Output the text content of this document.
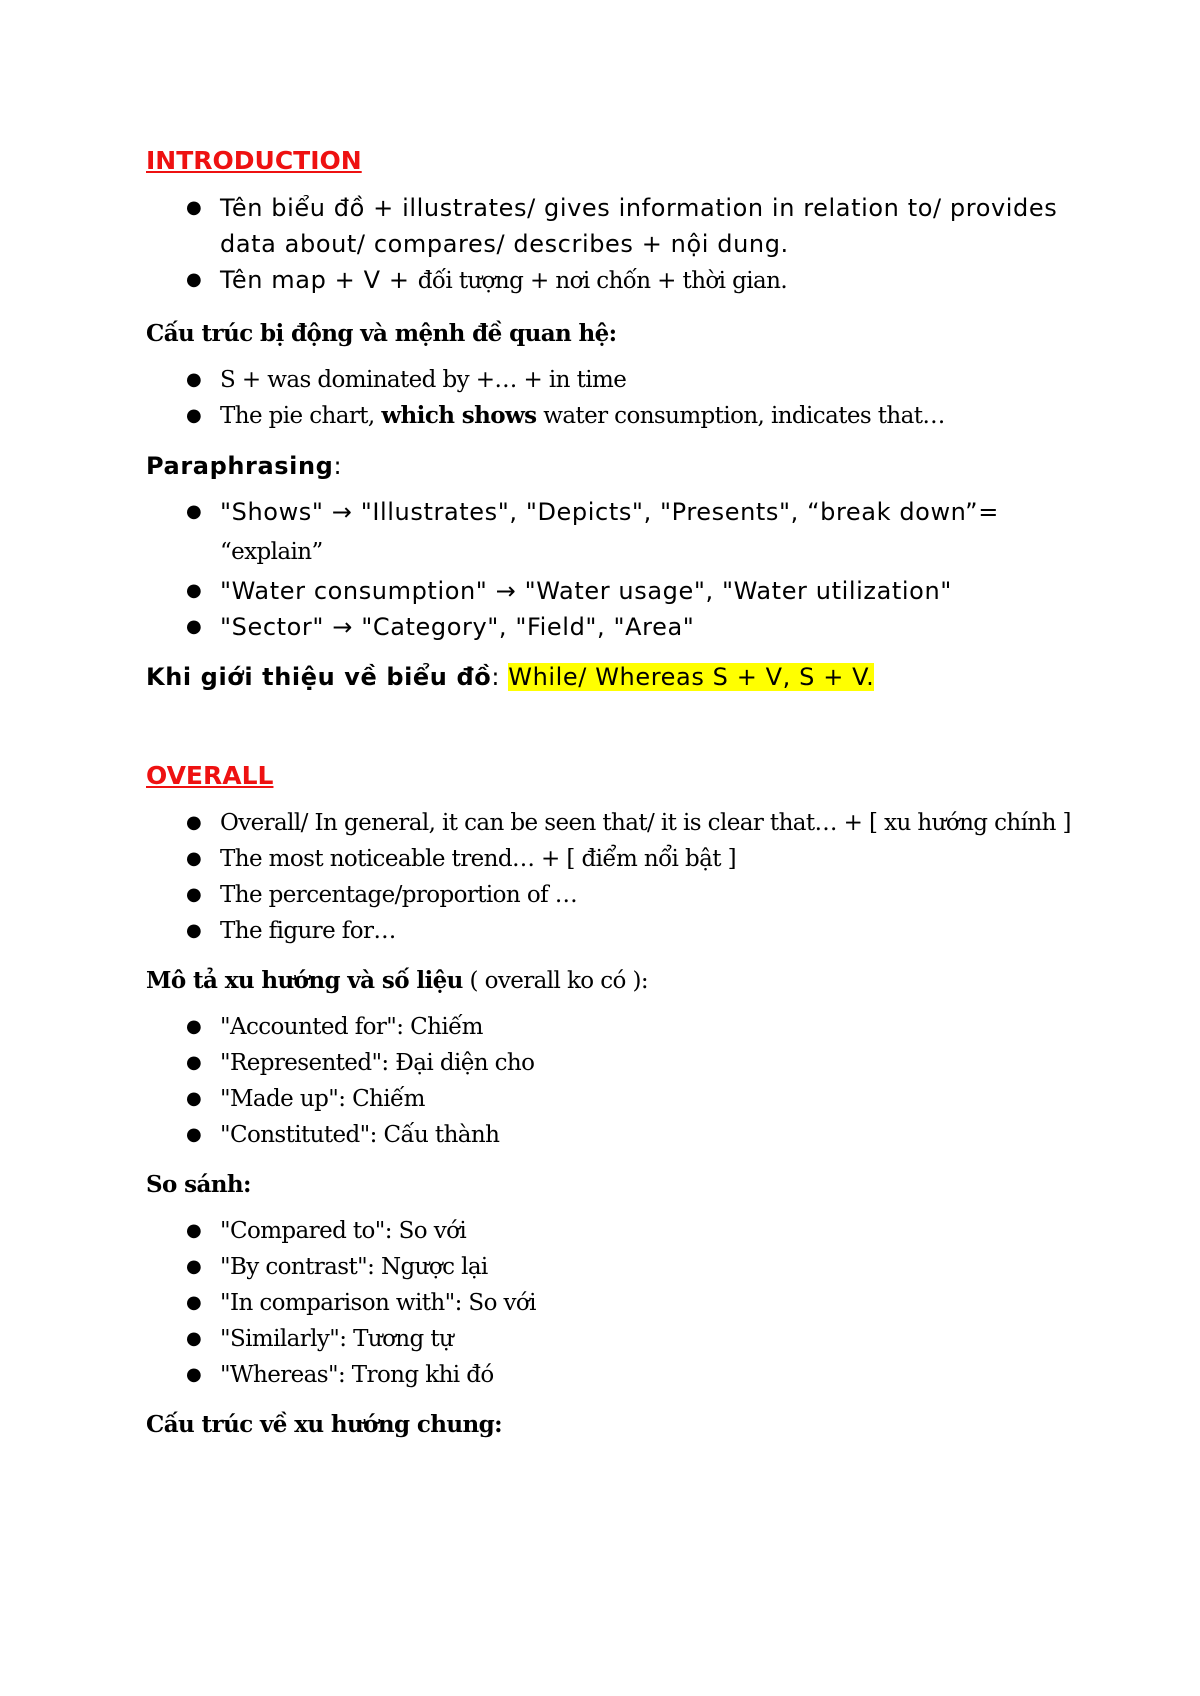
INTRODUCTION
● Tên biểu đồ + illustrates/ gives information in relation to/ provides data about/ compares/ describes + nội dung.
● Tên map + V + đối tượng + nơi chốn + thời gian.
Cấu trúc bị động và mệnh đề quan hệ:
● S + was dominated by +… + in time
● The pie chart, which shows water consumption, indicates that…
Paraphrasing:
● "Shows" → "Illustrates", "Depicts", "Presents", “break down”= “explain”
● "Water consumption" → "Water usage", "Water utilization"
● "Sector" → "Category", "Field", "Area"
Khi giới thiệu về biểu đồ: While/ Whereas S + V, S + V.
OVERALL
● Overall/ In general, it can be seen that/ it is clear that… + [ xu hướng chính ]
● The most noticeable trend… + [ điểm nổi bật ]
● The percentage/proportion of …
● The figure for…
Mô tả xu hướng và số liệu ( overall ko có ):
● "Accounted for": Chiếm
● "Represented": Đại diện cho
● "Made up": Chiếm
● "Constituted": Cấu thành
So sánh:
● "Compared to": So với
● "By contrast": Ngược lại
● "In comparison with": So với
● "Similarly": Tương tự
● "Whereas": Trong khi đó
Cấu trúc về xu hướng chung:
